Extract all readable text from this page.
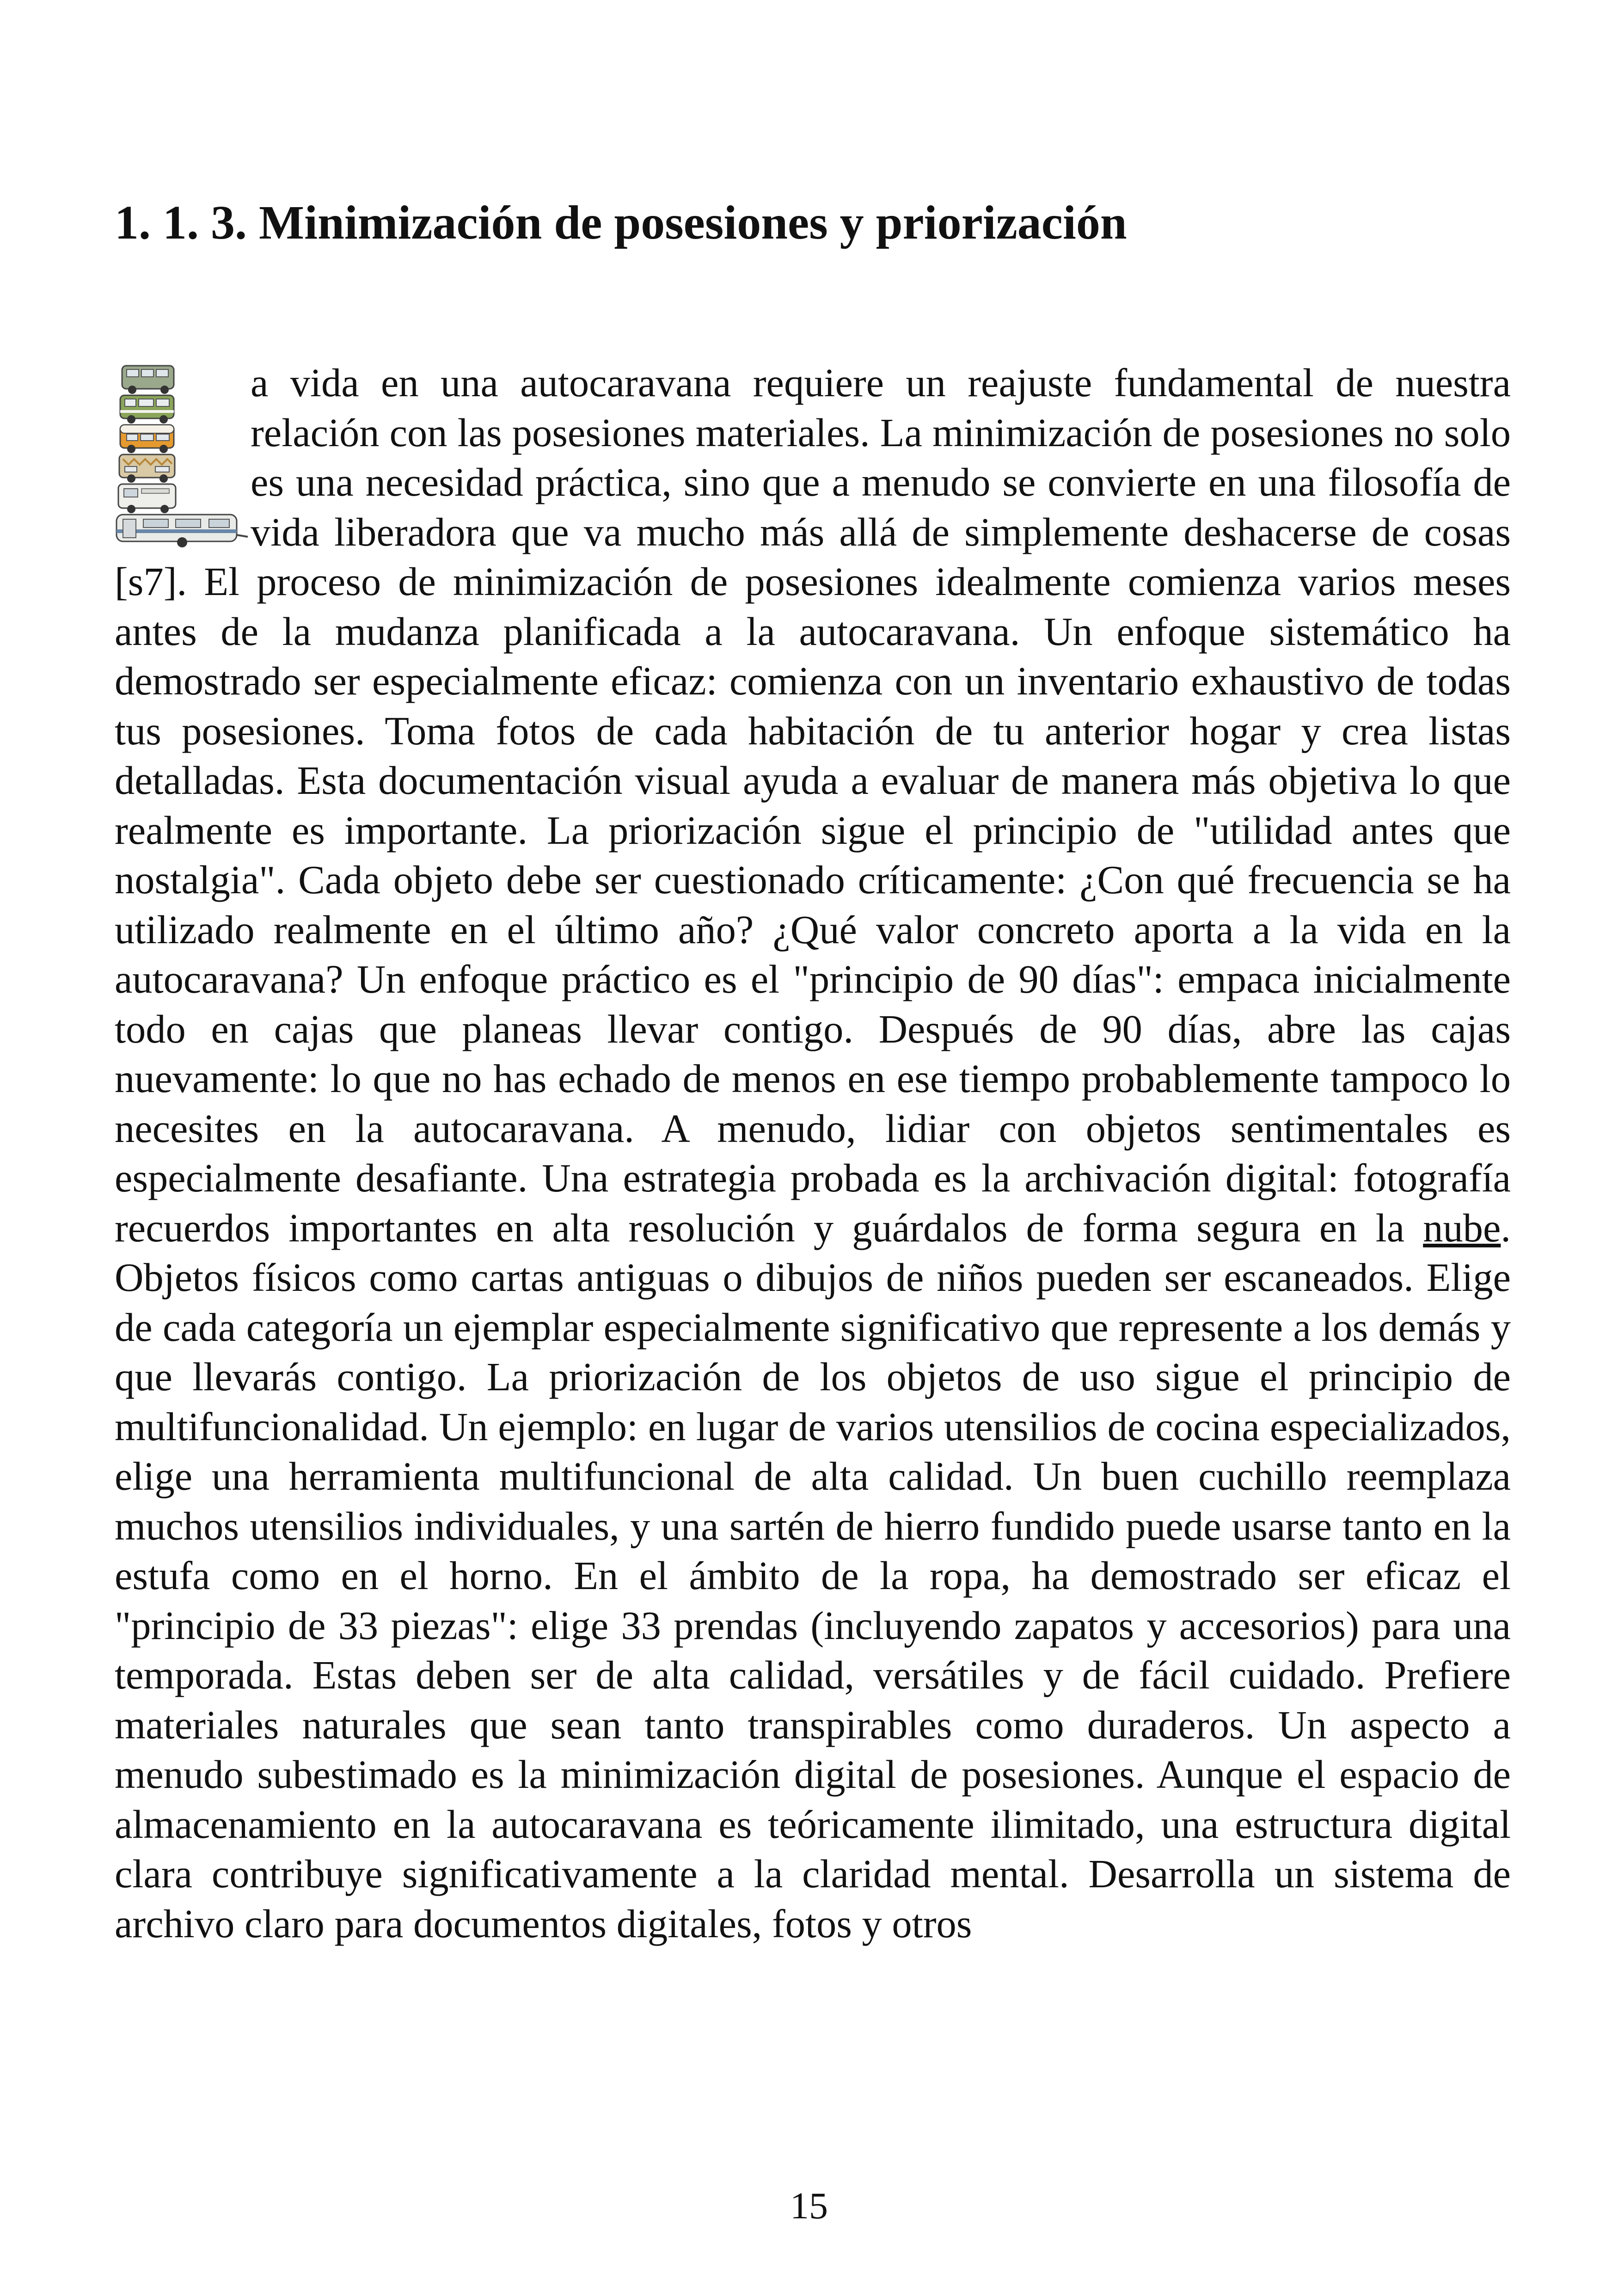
1. 1. 3. Minimización de posesiones y priorización

a vida en una autocaravana requiere un reajuste fundamental de nuestra relación con las posesiones materiales. La minimización de posesiones no solo es una necesidad práctica, sino que a menudo se convierte en una filosofía de vida liberadora que va mucho más allá de simplemente deshacerse de cosas [s7]. El proceso de minimización de posesiones idealmente comienza varios meses antes de la mudanza planificada a la autocaravana. Un enfoque sistemático ha demostrado ser especialmente eficaz: comienza con un inventario exhaustivo de todas tus posesiones. Toma fotos de cada habitación de tu anterior hogar y crea listas detalladas. Esta documentación visual ayuda a evaluar de manera más objetiva lo que realmente es importante. La priorización sigue el principio de "utilidad antes que nostalgia". Cada objeto debe ser cuestionado críticamente: ¿Con qué frecuencia se ha utilizado realmente en el último año? ¿Qué valor concreto aporta a la vida en la autocaravana? Un enfoque práctico es el "principio de 90 días": empaca inicialmente todo en cajas que planeas llevar contigo. Después de 90 días, abre las cajas nuevamente: lo que no has echado de menos en ese tiempo probablemente tampoco lo necesites en la autocaravana. A menudo, lidiar con objetos sentimentales es especialmente desafiante. Una estrategia probada es la archivación digital: fotografía recuerdos importantes en alta resolución y guárdalos de forma segura en la nube. Objetos físicos como cartas antiguas o dibujos de niños pueden ser escaneados. Elige de cada categoría un ejemplar especialmente significativo que represente a los demás y que llevarás contigo. La priorización de los objetos de uso sigue el principio de multifuncionalidad. Un ejemplo: en lugar de varios utensilios de cocina especializados, elige una herramienta multifuncional de alta calidad. Un buen cuchillo reemplaza muchos utensilios individuales, y una sartén de hierro fundido puede usarse tanto en la estufa como en el horno. En el ámbito de la ropa, ha demostrado ser eficaz el "principio de 33 piezas": elige 33 prendas (incluyendo zapatos y accesorios) para una temporada. Estas deben ser de alta calidad, versátiles y de fácil cuidado. Prefiere materiales naturales que sean tanto transpirables como duraderos. Un aspecto a menudo subestimado es la minimización digital de posesiones. Aunque el espacio de almacenamiento en la autocaravana es teóricamente ilimitado, una estructura digital clara contribuye significativamente a la claridad mental. Desarrolla un sistema de archivo claro para documentos digitales, fotos y otros

15
